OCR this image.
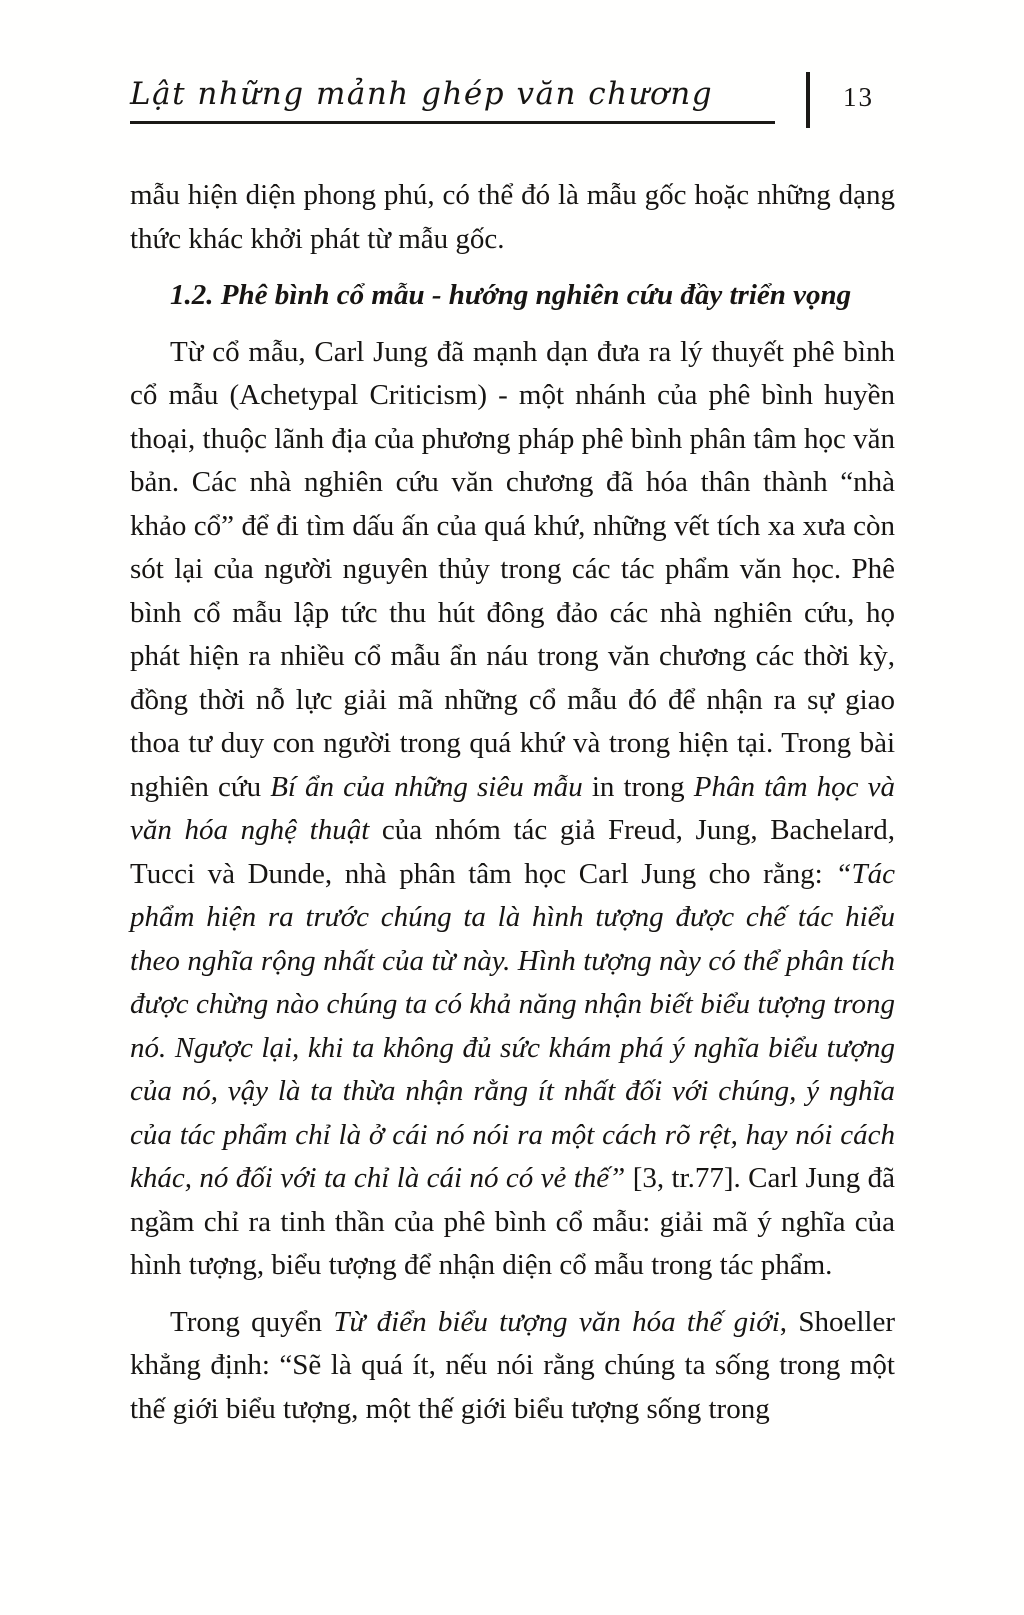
Lật những mảnh ghép văn chương	13
mẫu hiện diện phong phú, có thể đó là mẫu gốc hoặc những dạng thức khác khởi phát từ mẫu gốc.
1.2. Phê bình cổ mẫu - hướng nghiên cứu đầy triển vọng
Từ cổ mẫu, Carl Jung đã mạnh dạn đưa ra lý thuyết phê bình cổ mẫu (Achetypal Criticism) - một nhánh của phê bình huyền thoại, thuộc lãnh địa của phương pháp phê bình phân tâm học văn bản. Các nhà nghiên cứu văn chương đã hóa thân thành “nhà khảo cổ” để đi tìm dấu ấn của quá khứ, những vết tích xa xưa còn sót lại của người nguyên thủy trong các tác phẩm văn học. Phê bình cổ mẫu lập tức thu hút đông đảo các nhà nghiên cứu, họ phát hiện ra nhiều cổ mẫu ẩn náu trong văn chương các thời kỳ, đồng thời nỗ lực giải mã những cổ mẫu đó để nhận ra sự giao thoa tư duy con người trong quá khứ và trong hiện tại. Trong bài nghiên cứu Bí ẩn của những siêu mẫu in trong Phân tâm học và văn hóa nghệ thuật của nhóm tác giả Freud, Jung, Bachelard, Tucci và Dunde, nhà phân tâm học Carl Jung cho rằng: “Tác phẩm hiện ra trước chúng ta là hình tượng được chế tác hiểu theo nghĩa rộng nhất của từ này. Hình tượng này có thể phân tích được chừng nào chúng ta có khả năng nhận biết biểu tượng trong nó. Ngược lại, khi ta không đủ sức khám phá ý nghĩa biểu tượng của nó, vậy là ta thừa nhận rằng ít nhất đối với chúng, ý nghĩa của tác phẩm chỉ là ở cái nó nói ra một cách rõ rệt, hay nói cách khác, nó đối với ta chỉ là cái nó có vẻ thế” [3, tr.77]. Carl Jung đã ngầm chỉ ra tinh thần của phê bình cổ mẫu: giải mã ý nghĩa của hình tượng, biểu tượng để nhận diện cổ mẫu trong tác phẩm.
Trong quyển Từ điển biểu tượng văn hóa thế giới, Shoeller khẳng định: “Sẽ là quá ít, nếu nói rằng chúng ta sống trong một thế giới biểu tượng, một thế giới biểu tượng sống trong
